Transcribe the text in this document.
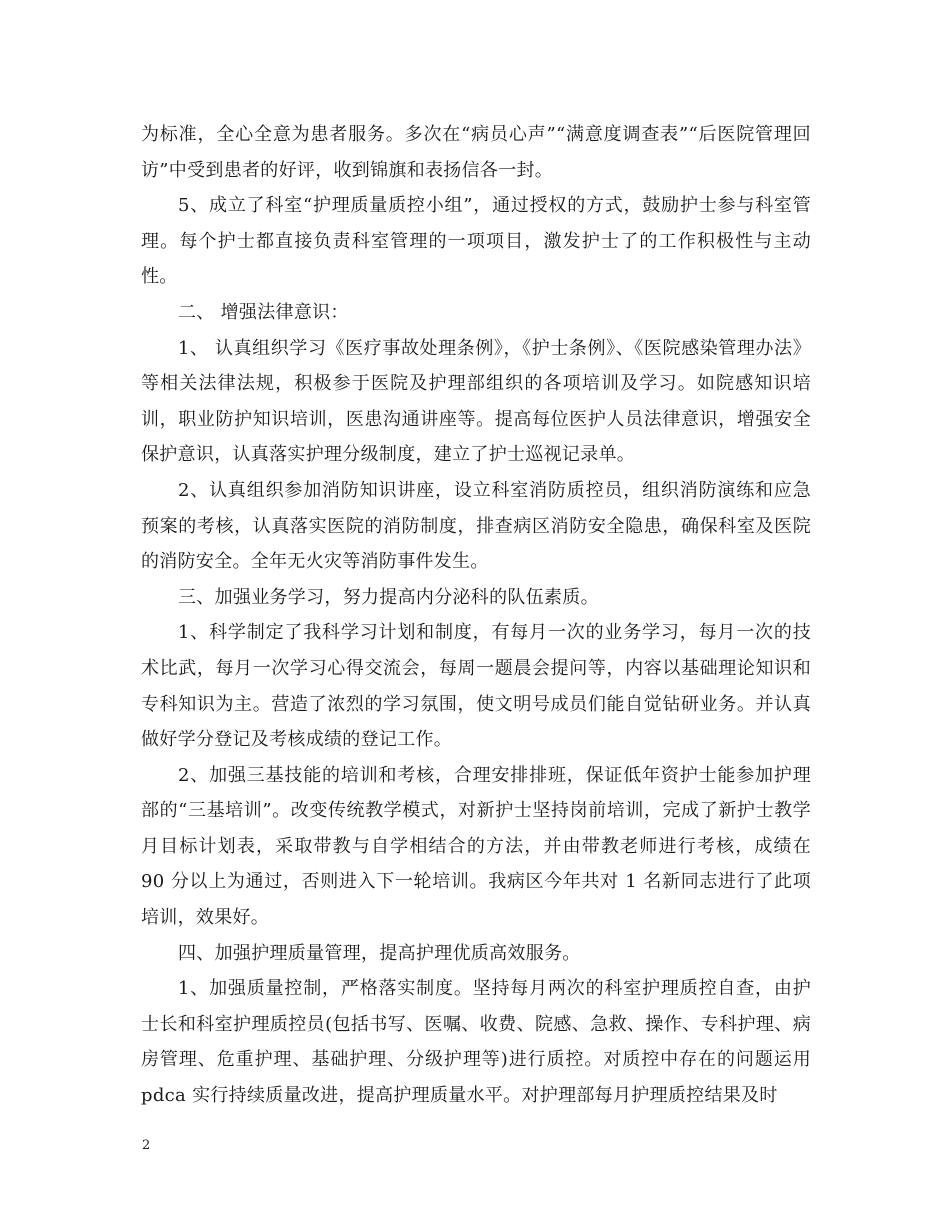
为标准，全心全意为患者服务。多次在“病员心声”“满意度调查表”“后医院管理回访”中受到患者的好评，收到锦旗和表扬信各一封。

5、成立了科室“护理质量质控小组”，通过授权的方式，鼓励护士参与科室管理。每个护士都直接负责科室管理的一项项目，激发护士了的工作积极性与主动性。

二、 增强法律意识：

1、 认真组织学习《医疗事故处理条例》，《护士条例》、《医院感染管理办法》等相关法律法规，积极参于医院及护理部组织的各项培训及学习。如院感知识培训，职业防护知识培训，医患沟通讲座等。提高每位医护人员法律意识，增强安全保护意识，认真落实护理分级制度，建立了护士巡视记录单。

2、认真组织参加消防知识讲座，设立科室消防质控员，组织消防演练和应急预案的考核，认真落实医院的消防制度，排查病区消防安全隐患，确保科室及医院的消防安全。全年无火灾等消防事件发生。

三、加强业务学习，努力提高内分泌科的队伍素质。

1、科学制定了我科学习计划和制度，有每月一次的业务学习，每月一次的技术比武，每月一次学习心得交流会，每周一题晨会提问等，内容以基础理论知识和专科知识为主。营造了浓烈的学习氛围，使文明号成员们能自觉钻研业务。并认真做好学分登记及考核成绩的登记工作。

2、加强三基技能的培训和考核，合理安排排班，保证低年资护士能参加护理部的“三基培训”。改变传统教学模式，对新护士坚持岗前培训，完成了新护士教学月目标计划表，采取带教与自学相结合的方法，并由带教老师进行考核，成绩在 90 分以上为通过，否则进入下一轮培训。我病区今年共对 1 名新同志进行了此项培训，效果好。

四、加强护理质量管理，提高护理优质高效服务。

1、加强质量控制，严格落实制度。坚持每月两次的科室护理质控自查，由护士长和科室护理质控员(包括书写、医嘱、收费、院感、急救、操作、专科护理、病房管理、危重护理、基础护理、分级护理等)进行质控。对质控中存在的问题运用 pdca 实行持续质量改进，提高护理质量水平。对护理部每月护理质控结果及时

2
